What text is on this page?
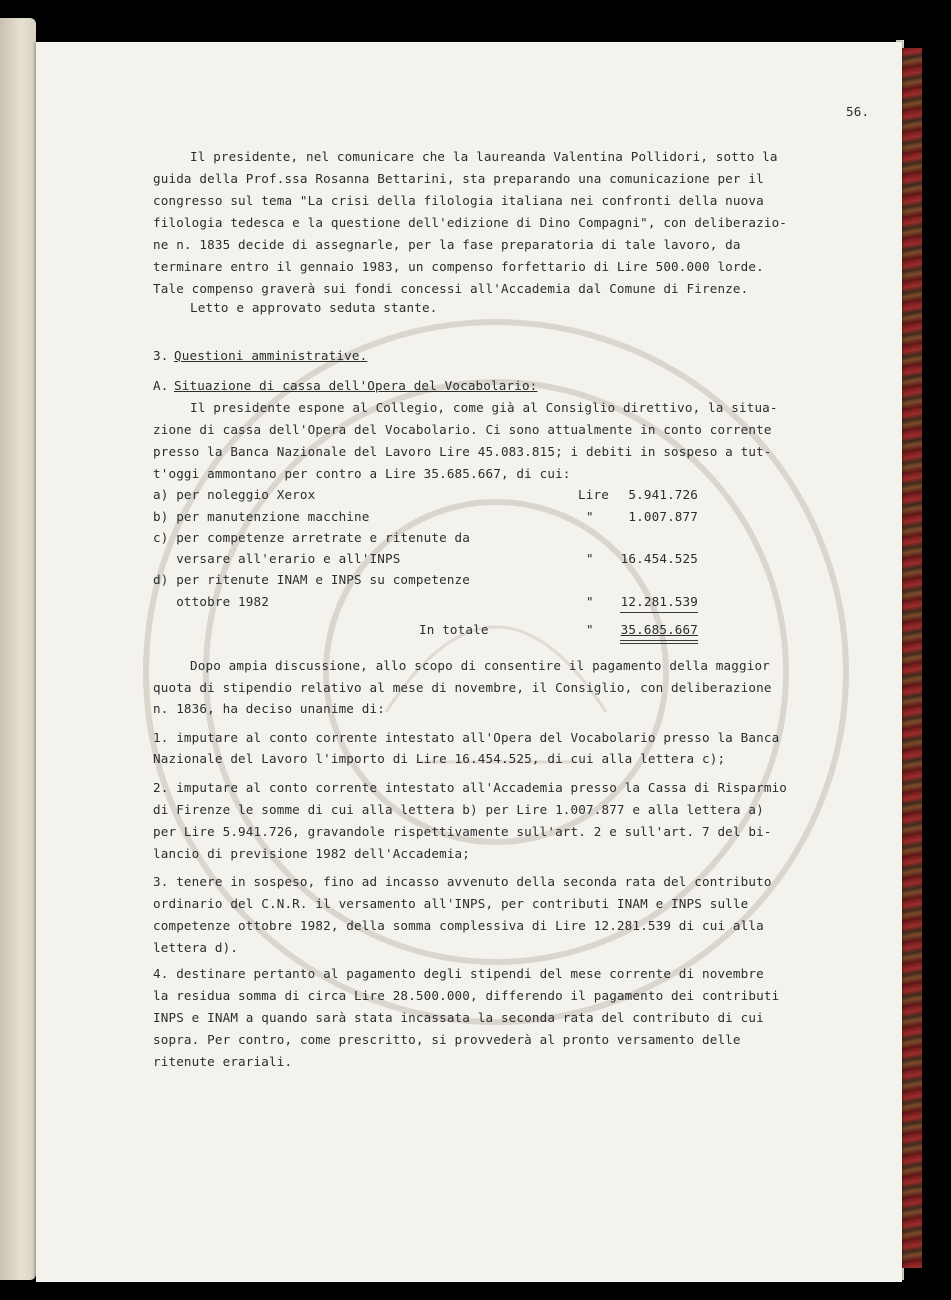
56.
Il presidente, nel comunicare che la laureanda Valentina Pollidori, sotto la
guida della Prof.ssa Rosanna Bettarini, sta preparando una comunicazione per il
congresso sul tema "La crisi della filologia italiana nei confronti della nuova
filologia tedesca e la questione dell'edizione di Dino Compagni", con deliberazio-
ne n. 1835 decide di assegnarle, per la fase preparatoria di tale lavoro, da
terminare entro il gennaio 1983, un compenso forfettario di Lire 500.000 lorde.
Tale compenso graverà sui fondi concessi all'Accademia dal Comune di Firenze.
Letto e approvato seduta stante.
3. Questioni amministrative.
A. Situazione di cassa dell'Opera del Vocabolario:
Il presidente espone al Collegio, come già al Consiglio direttivo, la situa-
zione di cassa dell'Opera del Vocabolario. Ci sono attualmente in conto corrente
presso la Banca Nazionale del Lavoro Lire 45.083.815; i debiti in sospeso a tut-
t'oggi ammontano per contro a Lire 35.685.667, di cui:
a) per noleggio Xerox	Lire 5.941.726
b) per manutenzione macchine	"	1.007.877
c) per competenze arretrate e ritenute da
versare all'erario e all'INPS	" 16.454.525
d) per ritenute INAM e INPS su competenze
ottobre 1982	" 12.281.539
In totale	" 35.685.667
Dopo ampia discussione, allo scopo di consentire il pagamento della maggior
quota di stipendio relativo al mese di novembre, il Consiglio, con deliberazione
n. 1836, ha deciso unanime di:
1. imputare al conto corrente intestato all'Opera del Vocabolario presso la Banca
Nazionale del Lavoro l'importo di Lire 16.454.525, di cui alla lettera c);
2. imputare al conto corrente intestato all'Accademia presso la Cassa di Risparmio
di Firenze le somme di cui alla lettera b) per Lire 1.007.877 e alla lettera a)
per Lire 5.941.726, gravandole rispettivamente sull'art. 2 e sull'art. 7 del bi-
lancio di previsione 1982 dell'Accademia;
3. tenere in sospeso, fino ad incasso avvenuto della seconda rata del contributo
ordinario del C.N.R. il versamento all'INPS, per contributi INAM e INPS sulle
competenze ottobre 1982, della somma complessiva di Lire 12.281.539 di cui alla
lettera d).
4. destinare pertanto al pagamento degli stipendi del mese corrente di novembre
la residua somma di circa Lire 28.500.000, differendo il pagamento dei contributi
INPS e INAM a quando sarà stata incassata la seconda rata del contributo di cui
sopra. Per contro, come prescritto, si provvederà al pronto versamento delle
ritenute erariali.
